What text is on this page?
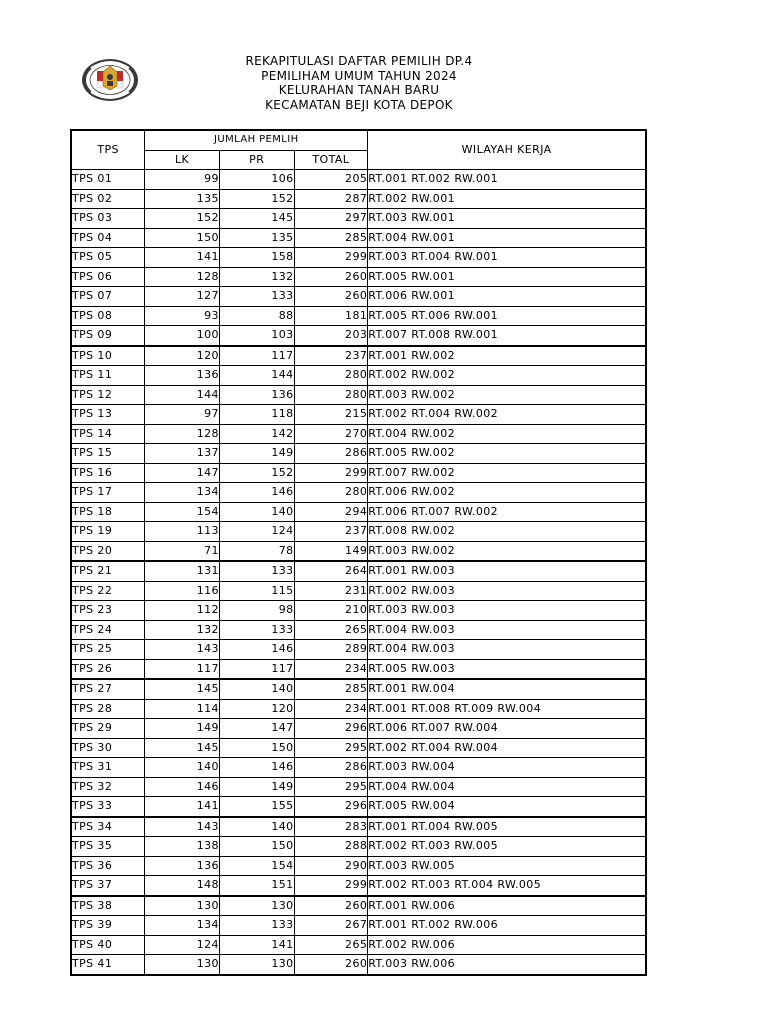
REKAPITULASI DAFTAR PEMILIH DP.4
PEMILIHAM UMUM TAHUN 2024
KELURAHAN TANAH BARU
KECAMATAN BEJI KOTA DEPOK
TPS	JUMLAH PEMLIH			WILAYAH KERJA
	LK	PR	TOTAL	
TPS 01	99	106	205	RT.001 RT.002 RW.001
TPS 02	135	152	287	RT.002 RW.001
TPS 03	152	145	297	RT.003 RW.001
TPS 04	150	135	285	RT.004 RW.001
TPS 05	141	158	299	RT.003 RT.004 RW.001
TPS 06	128	132	260	RT.005 RW.001
TPS 07	127	133	260	RT.006 RW.001
TPS 08	93	88	181	RT.005 RT.006 RW.001
TPS 09	100	103	203	RT.007 RT.008 RW.001
TPS 10	120	117	237	RT.001 RW.002
TPS 11	136	144	280	RT.002 RW.002
TPS 12	144	136	280	RT.003 RW.002
TPS 13	97	118	215	RT.002 RT.004 RW.002
TPS 14	128	142	270	RT.004 RW.002
TPS 15	137	149	286	RT.005 RW.002
TPS 16	147	152	299	RT.007 RW.002
TPS 17	134	146	280	RT.006 RW.002
TPS 18	154	140	294	RT.006 RT.007 RW.002
TPS 19	113	124	237	RT.008 RW.002
TPS 20	71	78	149	RT.003 RW.002
TPS 21	131	133	264	RT.001 RW.003
TPS 22	116	115	231	RT.002 RW.003
TPS 23	112	98	210	RT.003 RW.003
TPS 24	132	133	265	RT.004 RW.003
TPS 25	143	146	289	RT.004 RW.003
TPS 26	117	117	234	RT.005 RW.003
TPS 27	145	140	285	RT.001 RW.004
TPS 28	114	120	234	RT.001 RT.008 RT.009 RW.004
TPS 29	149	147	296	RT.006 RT.007 RW.004
TPS 30	145	150	295	RT.002 RT.004 RW.004
TPS 31	140	146	286	RT.003 RW.004
TPS 32	146	149	295	RT.004 RW.004
TPS 33	141	155	296	RT.005 RW.004
TPS 34	143	140	283	RT.001 RT.004 RW.005
TPS 35	138	150	288	RT.002 RT.003 RW.005
TPS 36	136	154	290	RT.003 RW.005
TPS 37	148	151	299	RT.002 RT.003 RT.004 RW.005
TPS 38	130	130	260	RT.001 RW.006
TPS 39	134	133	267	RT.001 RT.002 RW.006
TPS 40	124	141	265	RT.002 RW.006
TPS 41	130	130	260	RT.003 RW.006
